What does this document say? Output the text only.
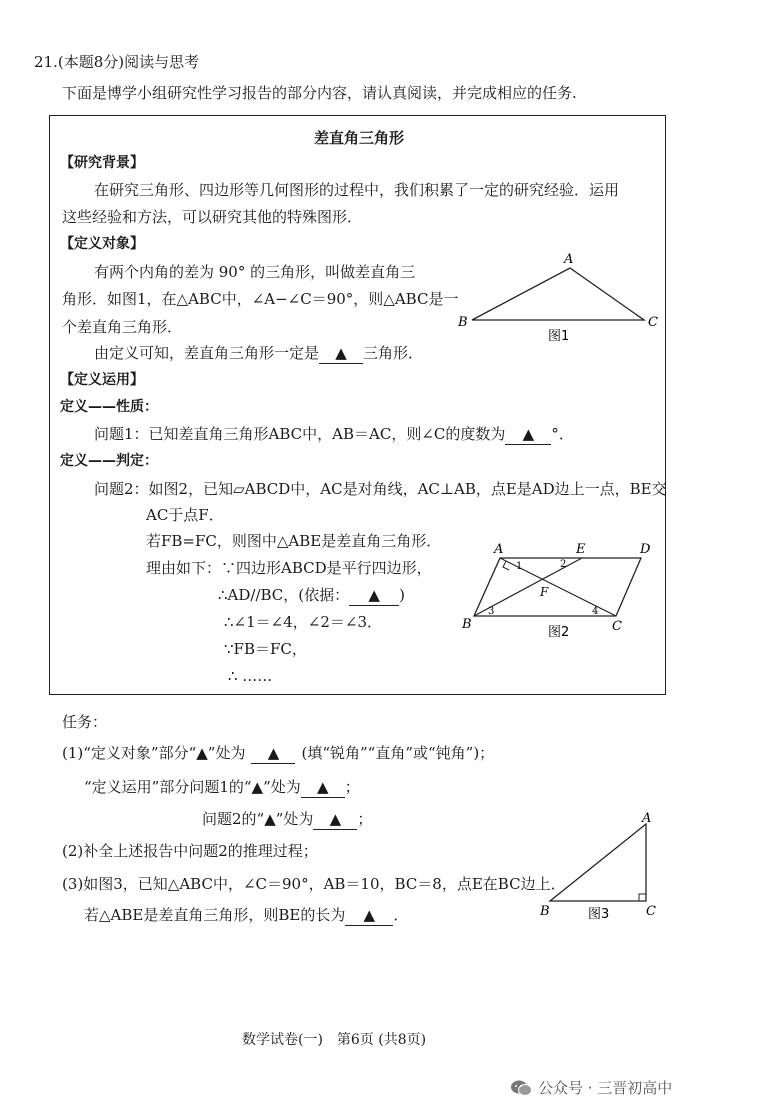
21.(本题8分)阅读与思考
下面是博学小组研究性学习报告的部分内容，请认真阅读，并完成相应的任务.
差直角三角形
【研究背景】
在研究三角形、四边形等几何图形的过程中，我们积累了一定的研究经验．运用
这些经验和方法，可以研究其他的特殊图形．
【定义对象】
有两个内角的差为 90° 的三角形，叫做差直角三
角形．如图1，在△ABC中，∠A−∠C＝90°，则△ABC是一
个差直角三角形．
由定义可知，差直角三角形一定是 ▲ 三角形．
A
B	C
图1
【定义运用】
定义——性质：
问题1：已知差直角三角形ABC中，AB＝AC，则∠C的度数为 ▲ °．
定义——判定：
问题2：如图2，已知▱ABCD中，AC是对角线，AC⊥AB，点E是AD边上一点，BE交
AC于点F．
若FB=FC，则图中△ABE是差直角三角形．
理由如下：∵四边形ABCD是平行四边形，
∴AD//BC，(依据： ▲ )
∴∠1＝∠4，∠2＝∠3．
∵FB＝FC，
∴ ……
A	E	D
B	C
F
1	2
3	4
图2
任务：
(1)“定义对象”部分“▲”处为 ▲ (填“锐角”“直角”或“钝角”)；
“定义运用”部分问题1的“▲”处为 ▲ ；
问题2的“▲”处为 ▲ ；
(2)补全上述报告中问题2的推理过程；
(3)如图3，已知△ABC中，∠C＝90°，AB＝10，BC＝8，点E在BC边上．
若△ABE是差直角三角形，则BE的长为 ▲ ．
A
B	C
图3
数学试卷(一)　第6页 (共8页)
公众号 · 三晋初高中
